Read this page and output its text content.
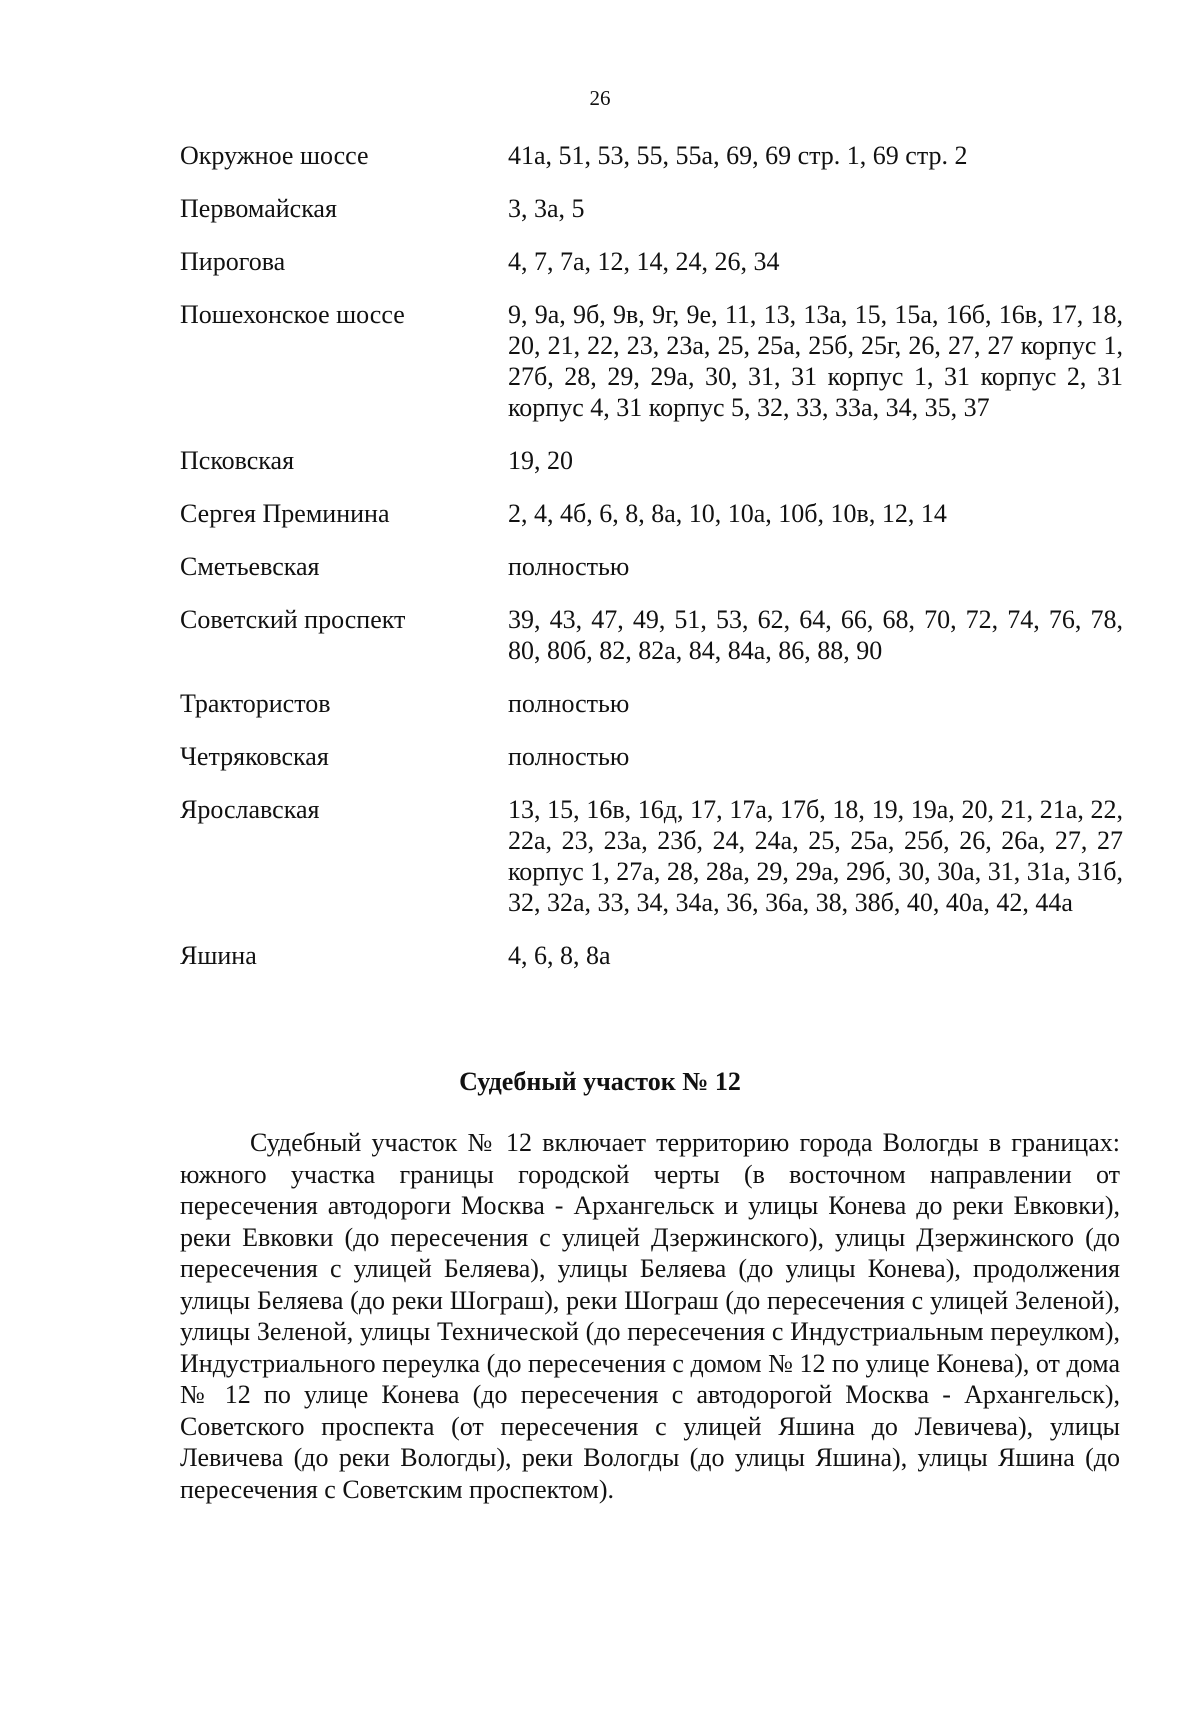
26
Окружное шоссе	41а, 51, 53, 55, 55а, 69, 69 стр. 1, 69 стр. 2
Первомайская	3, 3а, 5
Пирогова	4, 7, 7а, 12, 14, 24, 26, 34
Пошехонское шоссе	9, 9а, 9б, 9в, 9г, 9е, 11, 13, 13а, 15, 15а, 16б, 16в, 17, 18, 20, 21, 22, 23, 23а, 25, 25а, 25б, 25г, 26, 27, 27 корпус 1, 27б, 28, 29, 29а, 30, 31, 31 корпус 1, 31 корпус 2, 31 корпус 4, 31 корпус 5, 32, 33, 33а, 34, 35, 37
Псковская	19, 20
Сергея Преминина	2, 4, 4б, 6, 8, 8а, 10, 10а, 10б, 10в, 12, 14
Сметьевская	полностью
Советский проспект	39, 43, 47, 49, 51, 53, 62, 64, 66, 68, 70, 72, 74, 76, 78, 80, 80б, 82, 82а, 84, 84а, 86, 88, 90
Трактористов	полностью
Четряковская	полностью
Ярославская	13, 15, 16в, 16д, 17, 17а, 17б, 18, 19, 19а, 20, 21, 21а, 22, 22а, 23, 23а, 23б, 24, 24а, 25, 25а, 25б, 26, 26а, 27, 27 корпус 1, 27а, 28, 28а, 29, 29а, 29б, 30, 30а, 31, 31а, 31б, 32, 32а, 33, 34, 34а, 36, 36а, 38, 38б, 40, 40а, 42, 44а
Яшина	4, 6, 8, 8а
Судебный участок № 12

Судебный участок № 12 включает территорию города Вологды в границах: южного участка границы городской черты (в восточном направлении от пересечения автодороги Москва - Архангельск и улицы Конева до реки Евковки), реки Евковки (до пересечения с улицей Дзержинского), улицы Дзержинского (до пересечения с улицей Беляева), улицы Беляева (до улицы Конева), продолжения улицы Беляева (до реки Шограш), реки Шограш (до пересечения с улицей Зеленой), улицы Зеленой, улицы Технической (до пересечения с Индустриальным переулком), Индустриального переулка (до пересечения с домом № 12 по улице Конева), от дома № 12 по улице Конева (до пересечения с автодорогой Москва - Архангельск), Советского проспекта (от пересечения с улицей Яшина до Левичева), улицы Левичева (до реки Вологды), реки Вологды (до улицы Яшина), улицы Яшина (до пересечения с Советским проспектом).
